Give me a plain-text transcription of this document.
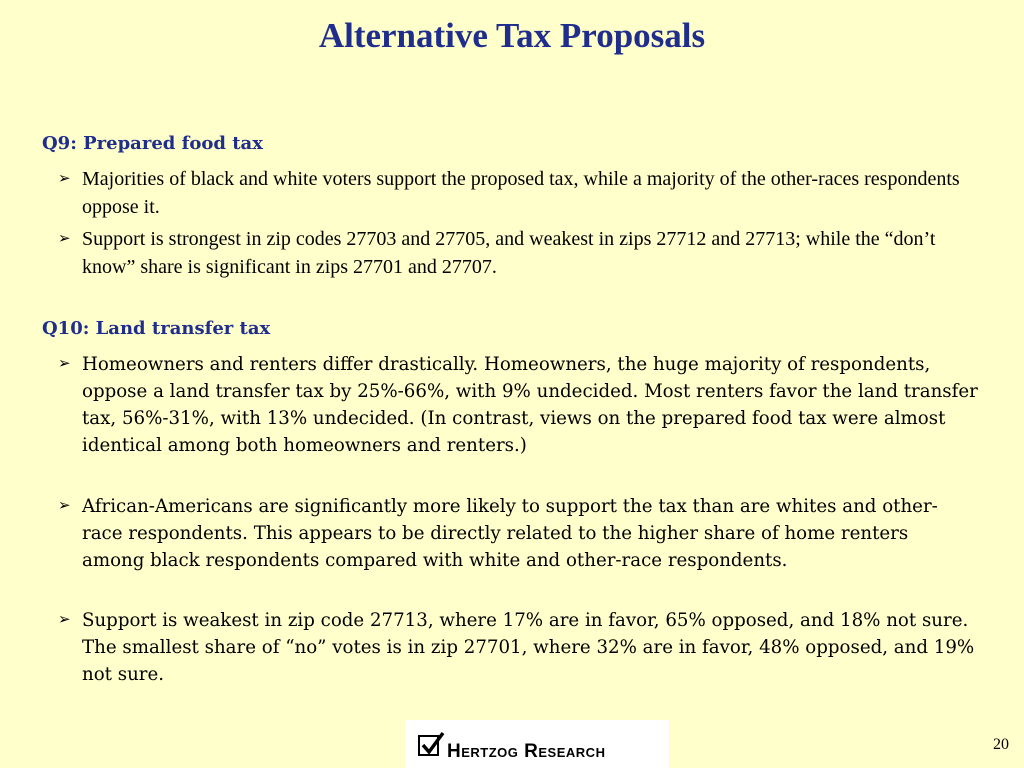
Alternative Tax Proposals
Q9: Prepared food tax
➢ Majorities of black and white voters support the proposed tax, while a majority of the other-races respondents oppose it.
➢ Support is strongest in zip codes 27703 and 27705, and weakest in zips 27712 and 27713; while the “don’t know” share is significant in zips 27701 and 27707.
Q10: Land transfer tax
➢ Homeowners and renters differ drastically. Homeowners, the huge majority of respondents, oppose a land transfer tax by 25%-66%, with 9% undecided. Most renters favor the land transfer tax, 56%-31%, with 13% undecided. (In contrast, views on the prepared food tax were almost identical among both homeowners and renters.)
➢ African-Americans are significantly more likely to support the tax than are whites and other-race respondents. This appears to be directly related to the higher share of home renters among black respondents compared with white and other-race respondents.
➢ Support is weakest in zip code 27713, where 17% are in favor, 65% opposed, and 18% not sure. The smallest share of “no” votes is in zip 27701, where 32% are in favor, 48% opposed, and 19% not sure.
Hertzog Research	20
